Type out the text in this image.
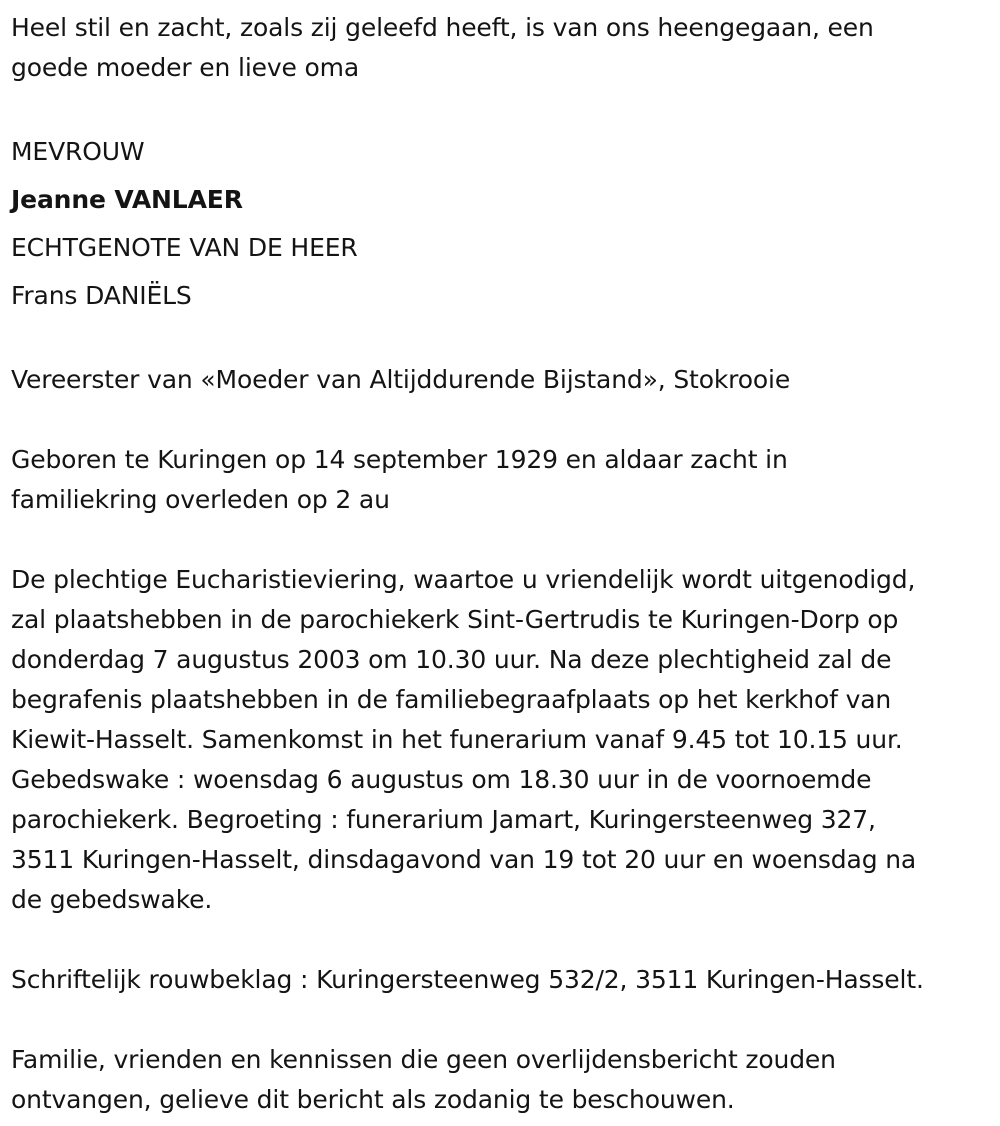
Heel stil en zacht, zoals zij geleefd heeft, is van ons heengegaan, een
goede moeder en lieve oma
MEVROUW
Jeanne VANLAER
ECHTGENOTE VAN DE HEER
Frans DANIËLS
Vereerster van «Moeder van Altijddurende Bijstand», Stokrooie
Geboren te Kuringen op 14 september 1929 en aldaar zacht in
familiekring overleden op 2 au
De plechtige Eucharistieviering, waartoe u vriendelijk wordt uitgenodigd,
zal plaatshebben in de parochiekerk Sint-Gertrudis te Kuringen-Dorp op
donderdag 7 augustus 2003 om 10.30 uur. Na deze plechtigheid zal de
begrafenis plaatshebben in de familiebegraafplaats op het kerkhof van
Kiewit-Hasselt. Samenkomst in het funerarium vanaf 9.45 tot 10.15 uur.
Gebedswake : woensdag 6 augustus om 18.30 uur in de voornoemde
parochiekerk. Begroeting : funerarium Jamart, Kuringersteenweg 327,
3511 Kuringen-Hasselt, dinsdagavond van 19 tot 20 uur en woensdag na
de gebedswake.
Schriftelijk rouwbeklag : Kuringersteenweg 532/2, 3511 Kuringen-Hasselt.
Familie, vrienden en kennissen die geen overlijdensbericht zouden
ontvangen, gelieve dit bericht als zodanig te beschouwen.
